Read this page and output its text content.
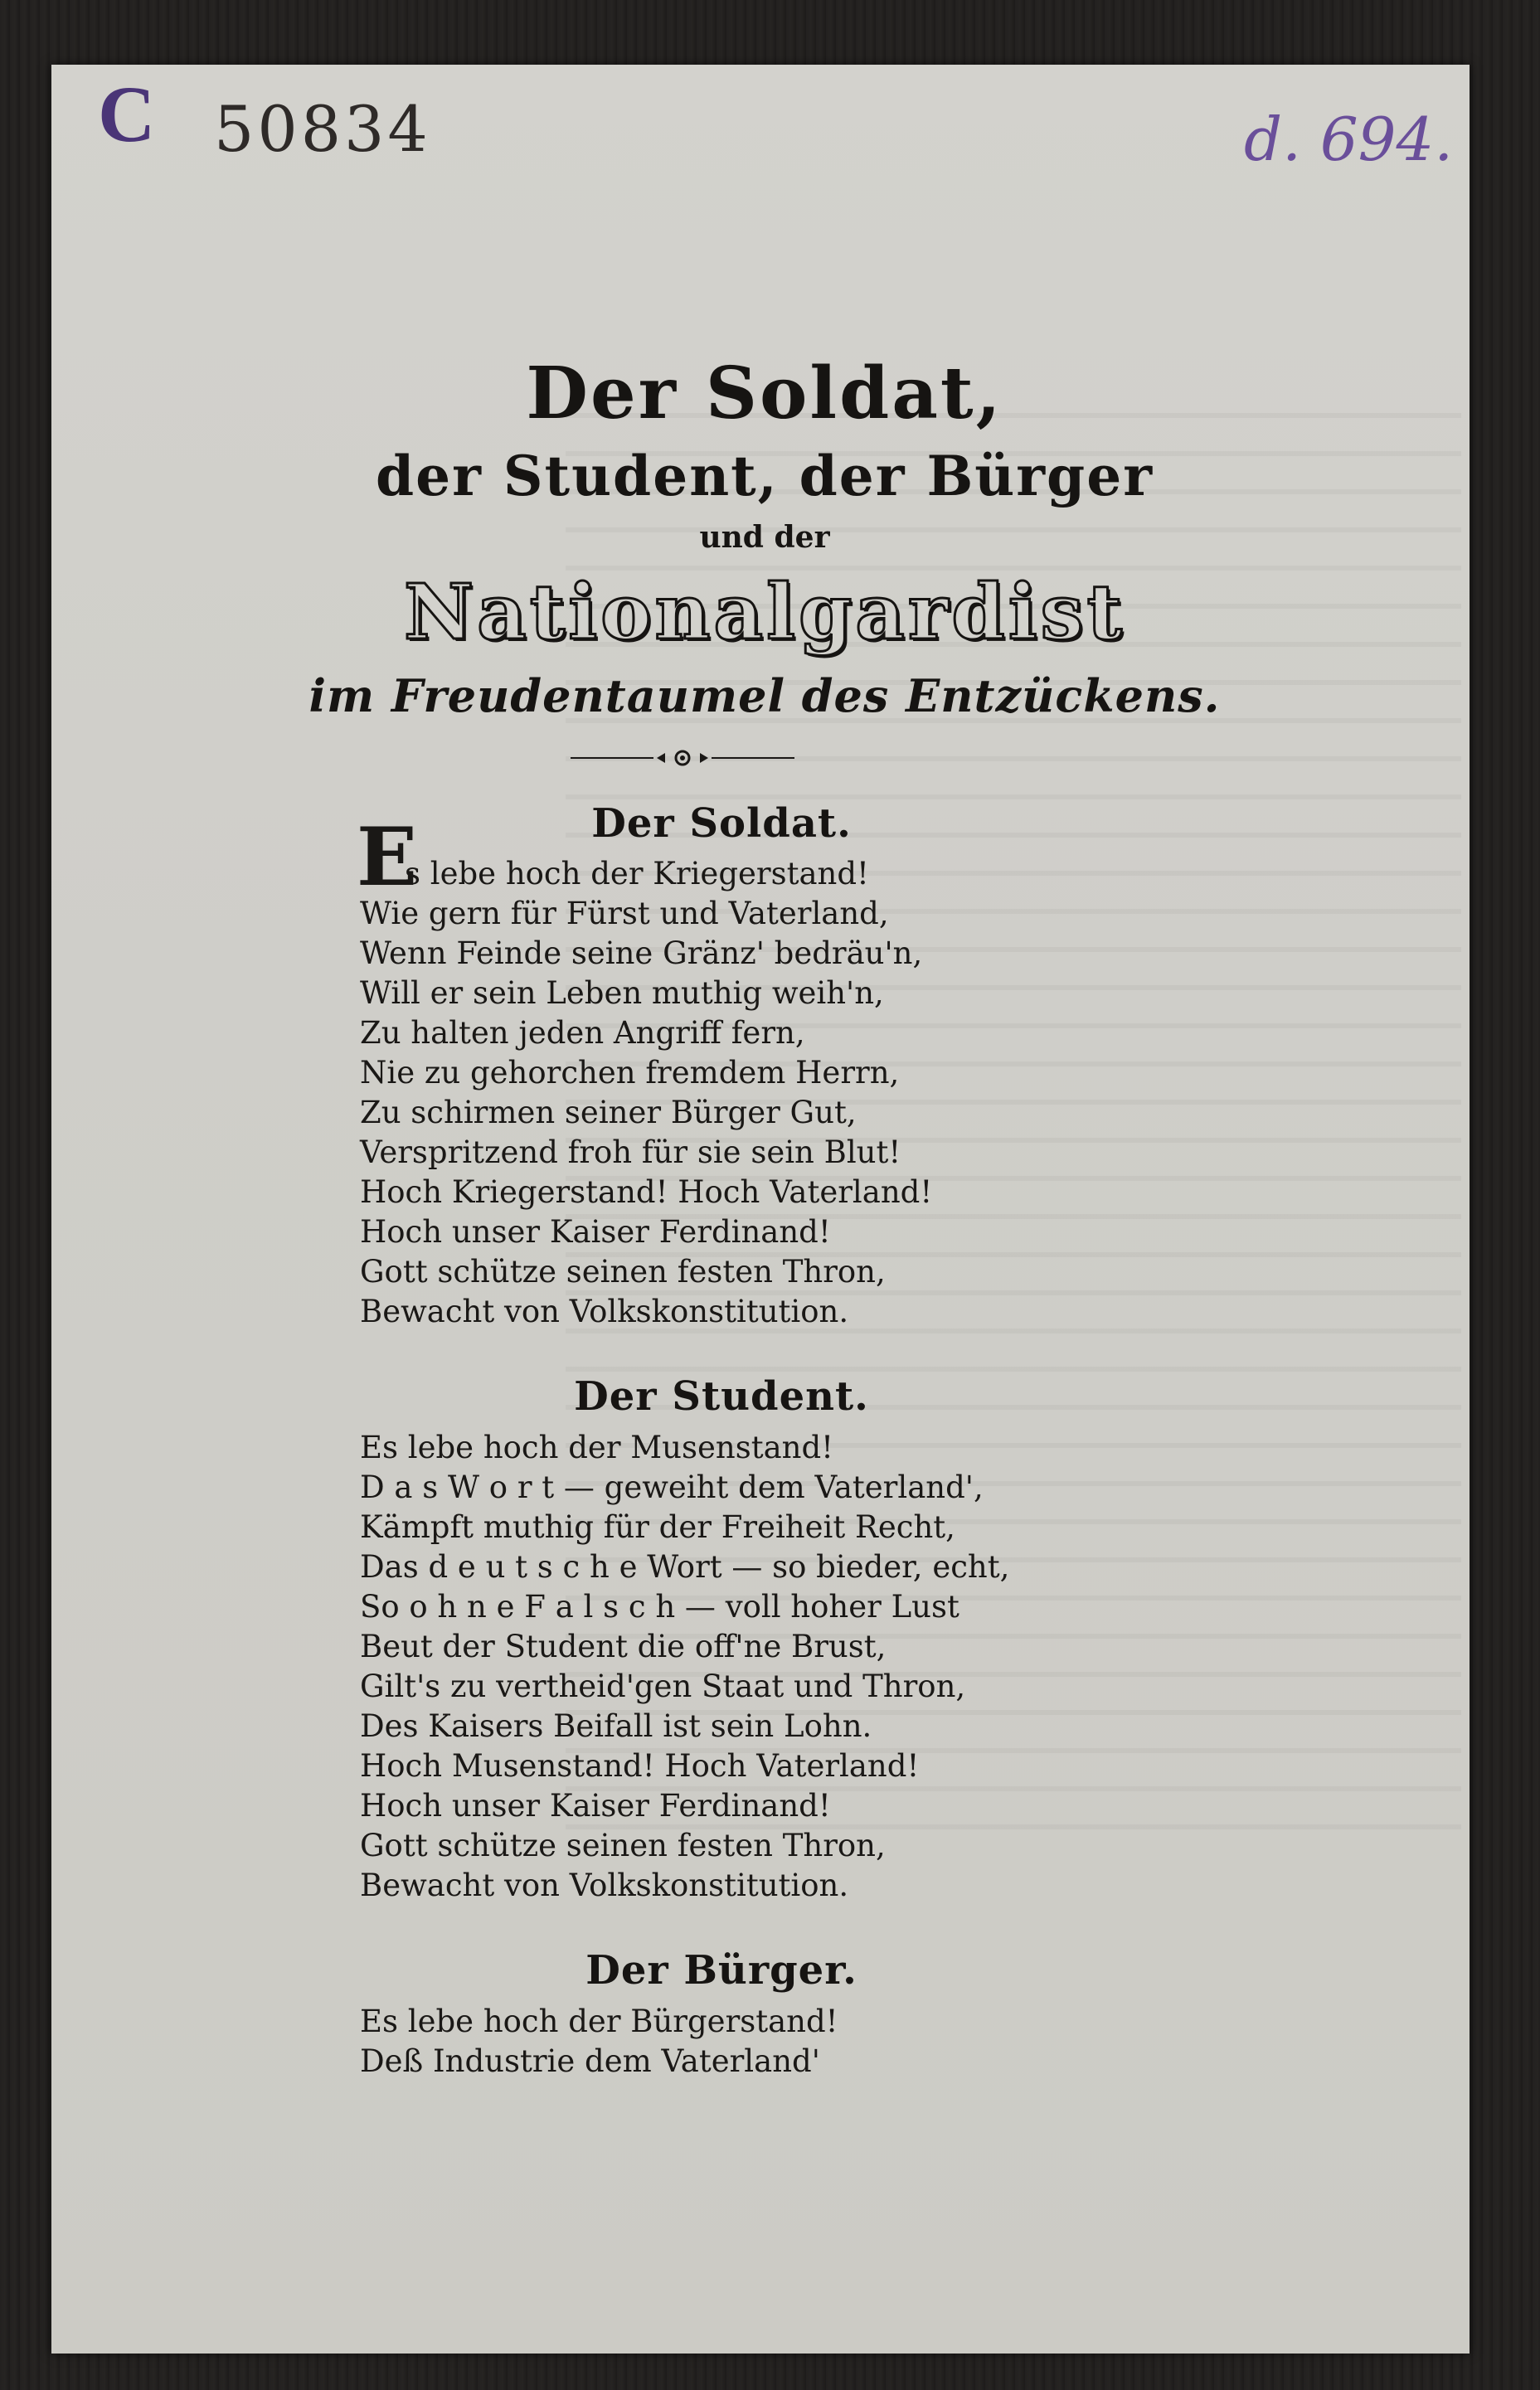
C 50834	d. 694.
Der Soldat,
der Student, der Bürger
und der
Nationalgardist
im Freudentaumel des Entzückens.
Der Soldat.
E
s lebe hoch der Kriegerstand!
Wie gern für Fürst und Vaterland,
Wenn Feinde seine Gränz' bedräu'n,
Will er sein Leben muthig weih'n,
Zu halten jeden Angriff fern,
Nie zu gehorchen fremdem Herrn,
Zu schirmen seiner Bürger Gut,
Verspritzend froh für sie sein Blut!
Hoch Kriegerstand! Hoch Vaterland!
Hoch unser Kaiser Ferdinand!
Gott schütze seinen festen Thron,
Bewacht von Volkskonstitution.
Der Student.
Es lebe hoch der Musenstand!
D a s W o r t — geweiht dem Vaterland',
Kämpft muthig für der Freiheit Recht,
Das d e u t s c h e Wort — so bieder, echt,
So o h n e F a l s c h — voll hoher Lust
Beut der Student die off'ne Brust,
Gilt's zu vertheid'gen Staat und Thron,
Des Kaisers Beifall ist sein Lohn.
Hoch Musenstand! Hoch Vaterland!
Hoch unser Kaiser Ferdinand!
Gott schütze seinen festen Thron,
Bewacht von Volkskonstitution.
Der Bürger.
Es lebe hoch der Bürgerstand!
Deß Industrie dem Vaterland'
